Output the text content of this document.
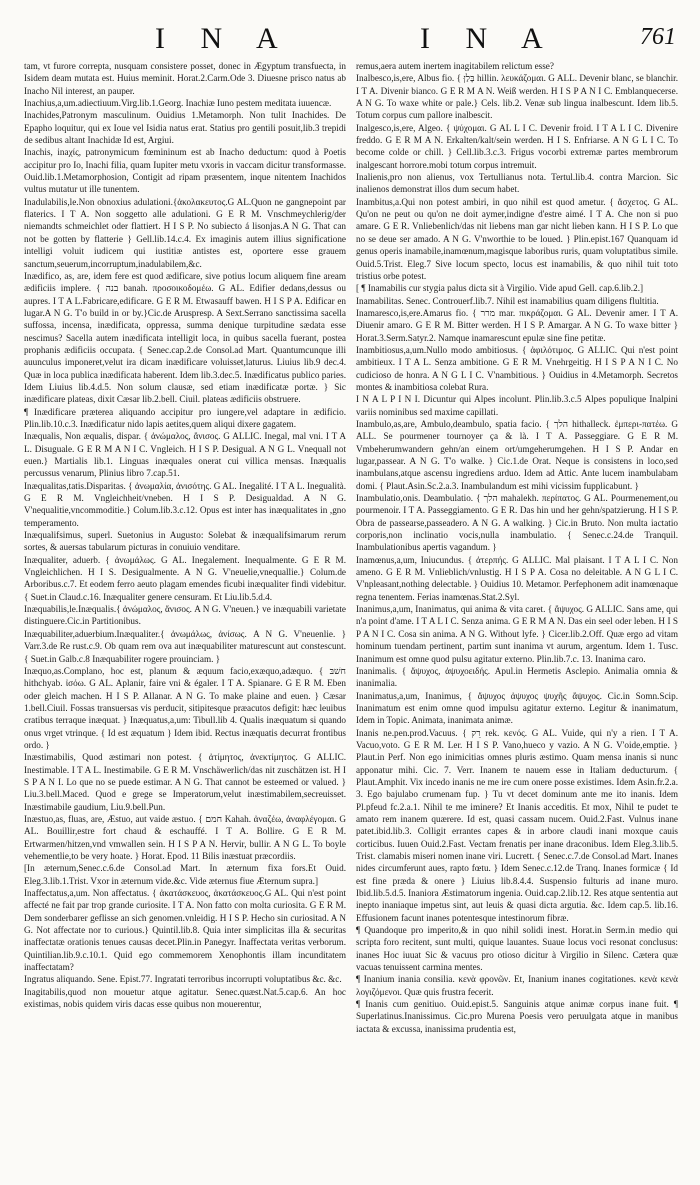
I N A	I N A	761
tam, vt furore correpta, nusquam consistere posset, donec in Ægyptum transfuectа, in Isidem deam mutata est. Huius meminit. Horat.2.Carm.Ode 3. Diuesne prisco natus ab Inacho Nil interest, an pauper.
Inachius,a,um.adiectiuum.Virg.lib.1.Georg. Inachiæ Iuno pestem meditata iuuencæ.
Inachides,Patronym masculinum. Ouidius 1.Metamorph. Non tulit Inachides. De Epapho loquitur, qui ex Ioue vel Isidia natus erat. Statius pro gentili posuit,lib.3 trepidi de sedibus altant Inachidæ Id est, Argiui.
Inachis, inaχίς, patronymicum fœmininum est ab Inacho deductum: quod à Poetis accipitur pro Io, Inachi filia, quam Iupiter metu vxoris in vaccam dicitur transformasse. Ouid.lib.1.Metamorphosion, Contigit ad ripam præsentem, inque nitentem Inachidos vultus mutatur ut ille tunentem.
Inadulabilis,le.Non obnoxius adulationi.{ἀκολακευτος.G AL.Quon ne gangnepoint par flaterics. I T A. Non soggetto alle adulationi. G E R M. Vnschmeychlerig/der niemandts schmeichlet oder flattiert. H I S P. No subiecto á lisonjas.A N G. That can not be gotten by flatterie } Gell.lib.14.c.4. Ex imaginis autem illius significatione intelligi voluit iudicem qui iustitiæ antistes est, oportere esse grauem sanctum,seuerum,incorruptum,inadulabilem,&c.
Inædifico, as, are, idem fere est quod ædificare, sive potius locum aliquem fine aream ædificiis implere. { בנה banah. προσοικοδομέω. G AL. Edifier dedans,dessus ou aupres. I T A L.Fabricare,edificare. G E R M. Etwasauff bawen. H I S P A. Edificar en lugar.A N G. T'o build in or by.}Cic.de Aruspresp. A Sext.Serrano sanctissima sacella suffossa, incensa, inædificata, oppressa, summa denique turpitudine sædata esse nescimus? Sacella autem inædificata intelligit loca, in quibus sacella fuerant, postea prophanis ædificiis occupata. { Senec.cap.2.de Consol.ad Mart. Quantumcunque illi auunculus imponeret,velut ira dicam inædificare voluisset,laturus. Liuius lib.9 dec.4. Quæ in loca publica inædificata haberent. Idem lib.3.dec.5. Inædificatus publico paries. Idem Liuius lib.4.d.5. Non solum clausæ, sed etiam inædificatæ portæ. } Sic inædificare plateas, dixit Cæsar lib.2.bell. Ciuil. plateas ædificiis obstruere.
¶ Inædificare præterea aliquando accipitur pro iungere,vel adaptare in ædificio. Plin.lib.10.c.3. Inædificatur nido lapis aetites,quem aliqui dixere gagatem.
Inæqualis, Non æqualis, dispar. { ἀνώμαλος, ἄνισος. G ALLIC. Inegal, mal vni. I T A L. Disuguale. G E R M A N I C. Vngleich. H I S P. Desigual. A N G L. Vnequall not euen.} Martialis lib.1. Linguas inæquales onerat cui villica mensas. Inæqualis percussus venarum, Plinius libro 7.cap.51.
Inæqualitas,tatis.Disparitas. { ἀνωμαλία, ἀνισότης. G AL. Inegalité. I T A L. Inegualità. G E R M. Vngleichheit/vneben. H I S P. Desigualdad. A N G. V'nequalitie,vncommoditie.} Colum.lib.3.c.12. Opus est inter has inæqualitates in ,gno temperamento.
Inæqualifsimus, superl. Suetonius in Augusto: Solebat & inæqualifsimarum rerum sortes, & auersas tabularum picturas in conuiuio venditare.
Inæqualiter, aduerb. { ἀνωμάλως. G AL. Inegalement. Inequalmente. G E R M. Vngleichlichen. H I S. Desigualmente. A N G. V'neuelie,vnequallie.} Colum.de Arboribus.c.7. Et eodem ferro aeuto plagam emendes ficubi inæqualiter findi videbitur. { Suet.in Claud.c.16. Inæqualiter genere censuram. Et Liu.lib.5.d.4.
Inæquabilis,le.Inæqualis.{ ἀνώμαλος, ἄνισος. A N G. V'neuen.} ve inæquabili varietate distinguere.Cic.in Partitionibus.
Inæquabiliter,aduerbium.Inæqualiter.{ ἀνωμάλως, ἀνίσως. A N G. V'neuenlie. } Varr.3.de Re rust.c.9. Ob quam rem ova aut inæquabiliter maturescunt aut constescunt. { Suet.in Galb.c.8 Inæquabiliter rogere prouinciam. }
Inæquo,as.Complano, hoc est, planum & æquum facio,exæquo,adæquo. { חשׁבּ hithchyab. ἰσόω. G AL. Aplanir, faire vni & égaler. I T A. Spianare. G E R M. Eben oder gleich machen. H I S P. Allanar. A N G. To make plaine and euen. } Cæsar 1.bell.Ciuil. Fossas transuersas vis perducit, sitipitesque præacutos defigit: hæc leuibus cratibus terraque inæquat. } Inæquatus,a,um: Tibull.lib 4. Qualis inæquatum si quando onus vrget vtrinque. { Id est æquatum } Idem ibid. Rectus inæquatis decurrat frontibus ordo. }
Inæstimabilis, Quod æstimari non potest. { ἀτίμητος, ἀνεκτίμητος. G ALLIC. Inestimable. I T A L. Inestimabile. G E R M. Vnschäwerlich/das nit zuschätzen ist. H I S P A N I. Lo que no se puede estimar. A N G. That cannot be esteemed or valued. } Liu.3.bell.Maced. Quod e grege se Imperatorum,velut inæstimabilem,secreuisset. Inæstimabile gaudium, Liu.9.bell.Pun.
Inæstuo,as, fluas, are, Æstuo, aut vaide æstuo. { חמם Kahah. ἀναζέω, ἀναφλέγομαι. G AL. Bouillir,estre fort chaud & eschauffé. I T A. Bollire. G E R M. Ertwarmen/hitzen,vnd vmwallen sein. H I S P A N. Hervir, bullir. A N G L. To boyle vehementlie,to be very hoate. } Horat. Epod. 11 Bilis inæstuat præcordiis.
[In æternum,Senec.c.6.de Consol.ad Mart. In æternum fixa fors.Et Ouid. Eleg.3.lib.1.Trist. Vxor in æternum vide.&c. Vide æternus fiue Æternum supra.]
Inaffectatus,a,um. Non affectatus. { ἀκατάσκευος, ἀκατάσκευος.G AL. Qui n'est point affecté ne fait par trop grande curiosite. I T A. Non fatto con molta curiosita. G E R M. Dem sonderbarer geflisse an sich genomen.vnleidig. H I S P. Hecho sin curiositad. A N G. Not affectate nor to curious.} Quintil.lib.8. Quia inter simplicitas illa & securitas inaffectatæ orationis tenues causas decet.Plin.in Panegyr. Inaffectata veritas verborum. Quintilian.lib.9.c.10.1. Quid ego commemorem Xenophontis illam incunditatem inaffectatam?
Ingratus aliquando. Sene. Epist.77. Ingratati terroribus incorrupti voluptatibus &c. &c.
Inagitabilis,quod non mouetur atque agitatur. Senec.quæst.Nat.5.cap.6. An hoc existimas, nobis quidem viris dacas esse quibus non mouerentur,
remus,aera autem inertem inagitabilem relictum esse?
Inalbesco,is,ere, Albus fio. { בָּלַןּ hillin. λευκάζομαι. G ALL. Devenir blanc, se blanchir. I T A. Divenir bianco. G E R M A N. Weiß werden. H I S P A N I C. Emblanquecerse. A N G. To waxe white or pale.} Cels. lib.2. Venæ sub lingua inalbescunt. Idem lib.5. Totum corpus cum pallore inalbescit.
Inalgesco,is,ere, Algeo. { ψύχομαι. G AL L I C. Devenir froid. I T A L I C. Divenire freddo. G E R M A N. Erkalten/kalt/sein werden. H I S. Enfriarse. A N G L I C. To become colde or chill. } Cell.lib.3.c.3. Frigus vocorbi extremæ partes membrorum inalgescant horrore.mobi totum corpus intremuit.
Inalienis,pro non alienus, vox Tertullianus nota. Tertul.lib.4. contra Marcion. Sic inalienos demonstrat illos dum secum habet.
Inambitus,a.Qui non potest ambiri, in quo nihil est quod ametur. { ἄσχετος. G AL. Qu'on ne peut ou qu'on ne doit aymer,indigne d'estre aimé. I T A. Che non si puo amare. G E R. Vnliebenlich/das nit liebens man gar nicht lieben kann. H I S P. Lo que no se deue ser amado. A N G. V'nworthie to be loued. } Plin.epist.167 Quanquam id genus operis inamabile,inamœnum,magisque laboribus ruris, quam voluptatibus simile. Ouid.5.Trist. Eleg.7 Sive locum specto, locus est inamabilis, & quo nihil tuit toto tristius orbe potest.
[ ¶ Inamabilis cur stygia palus dicta sit à Virgilio. Vide apud Gell. cap.6.lib.2.]
Inamabilitas. Senec. Controuerf.lib.7. Nihil est inamabilius quam diligens flultitia.
Inamaresco,is,ere.Amarus fio. { מרר mar. πικράζομαι. G AL. Devenir amer. I T A. Diuenir amaro. G E R M. Bitter werden. H I S P. Amargar. A N G. To waxe bitter } Horat.3.Serm.Satyr.2. Namque inamarescunt epulæ sine fine petitæ.
Inambitiosus,a,um.Nullo modo ambitiosus. { ἀφιλότιμος. G ALLIC. Qui n'est point ambitieux. I T A L. Senza ambitione. G E R M. Vnehrgeitig. H I S P A N I C. No cudicioso de honra. A N G L I C. V'nambitious. } Ouidius in 4.Metamorph. Secretos montes & inambitiosa colebat Rura.
I N A L P I N I. Dicuntur qui Alpes incolunt. Plin.lib.3.c.5 Alpes populique Inalpini variis nominibus sed maxime capillati.
Inambulo,as,are, Ambulo,deambulo, spatia facio. { הלך hithalleck. ἐμπερι-πατέω. G ALL. Se pourmener tournoyer ça & là. I T A. Passeggiare. G E R M. Vmbeherumwandern gehn/an einem ort/umgeherumgehen. H I S P. Andar en lugar,passear. A N G. T'o walke. } Cic.1.de Orat. Neque is consistens in loco,sed inambulans,atque ascensu ingrediens arduo. Idem ad Attic. Ante lucem inambulabam domi. { Plaut.Asin.Sc.2.a.3. Inambulandum est mihi vicissim fupplicabunt. }
Inambulatio,onis. Deambulatio. { הלך mahalekh. περίπατος. G AL. Pourmenement,ou pourmenoir. I T A. Passeggiamento. G E R. Das hin und her gehn/spatzierung. H I S P. Obra de passearse,passeadero. A N G. A walking. } Cic.in Bruto. Non multa iactatio corporis,non inclinatio vocis,nulla inambulatio. { Senec.c.24.de Tranquil. Inambulationibus apertis vagandum. }
Inamœnus,a,um, Iniucundus. { ἀτερπής. G ALLIC. Mal plaisant. I T A L I C. Non ameno. G E R M. Vnlieblich/vnlustig. H I S P A. Cosa no deleitable. A N G L I C. V'npleasant,nothing delectable. } Ouidius 10. Metamor. Perfephonem adit inamœnaque regna tenentem. Ferias inamœnas.Stat.2.Syl.
Inanimus,a,um, Inanimatus, qui anima & vita caret. { ἄψυχος. G ALLIC. Sans ame, qui n'a point d'ame. I T A L I C. Senza anima. G E R M A N. Das ein seel oder leben. H I S P A N I C. Cosa sin anima. A N G. Without lyfe. } Cicer.lib.2.Off. Quæ ergo ad vitam hominum tuendam pertinent, partim sunt inanima vt aurum, argentum. Idem 1. Tusc. Inanimum est omne quod pulsu agitatur externo. Plin.lib.7.c. 13. Inanima caro.
Inanimalis. { ἄψυχος, ἀψυχοειδής. Apul.in Hermetis Asclepio. Animalia omnia & inanimalia.
Inanimatus,a,um, Inanimus, { ἄψυχος ἀψυχος ψυχῆς ἄψυχος. Cic.in Somn.Scip. Inanimatum est enim omne quod impulsu agitatur externo. Legitur & inanimatum, Idem in Topic. Animata, inanimata animæ.
Inanis ne.pen.prod.Vacuus. { רֵק rek. κενός. G AL. Vuide, qui n'y a rien. I T A. Vacuo,voto. G E R M. Ler. H I S P. Vano,hueco y vazio. A N G. V'oide,emptie. } Plaut.in Perf. Non ego inimicitias omnes pluris æstimo. Quam mensa inanis si nunc apponatur mihi. Cic. 7. Verr. Inanem te nauem esse in Italiam deducturum. { Plaut.Amphit. Vix incedo inanis ne me ire cum onere posse existimes. Idem Asin.fr.2.a. 3. Ego bajulabo crumenam fup. } Tu vt decet dominum ante me ito inanis. Idem Pl.pfeud fc.2.a.1. Nihil te me iminere? Et Inanis acceditis. Et mox, Nihil te pudet te amato rem inanem quærere. Id est, quasi cassam nucem. Ouid.2.Fast. Vulnus inane patet.ibid.lib.3. Colligit errantes capes & in arbore claudi inani moxque cauis corticibus. Iuuen Ouid.2.Fast. Vectam frenatis per inane draconibus. Idem Eleg.3.lib.5. Trist. clamabis miseri nomen inane viri. Lucrett. { Senec.c.7.de Consol.ad Mart. Inanes nides circumferunt aues, rapto fœtu. } Idem Senec.c.12.de Tranq. Inanes formicæ { Id est fine præda & onere } Liuius lib.8.4.4. Suspensio fulturis ad inane muro. Ibid.lib.5.d.5. Inaniora Æstimatorum ingenia. Ouid.cap.2.lib.12. Res atque sententia aut inepto inaniaque impetus sint, aut leuis & quasi dicta argutia. &c. Idem cap.5. lib.16. Effusionem facunt inanes potentesque intestinorum fibræ.
¶ Quandoque pro imperito,& in quo nihil solidi inest. Horat.in Serm.in medio qui scripta foro recitent, sunt multi, quique lauantes. Suaue locus voci resonat conclusus: inanes Hoc iuuat Sic & vacuus pro otioso dicitur à Virgilio in Silenc. Cætera quæ vacuas tenuissent carmina mentes.
¶ Inanium inania consilia. κενὰ φρονῶν. Et, Inanium inanes cogitationes. κενὰ κενὰ λογιζόμενοι. Quæ quis frustra fecerit.
¶ Inanis cum genitiuo. Ouid.epist.5. Sanguinis atque animæ corpus inane fuit. ¶ Superlatinus.Inanissimus. Cic.pro Murena Poesis vero peruulgata atque in manibus iactata & excussa, inanissima prudentia est,
